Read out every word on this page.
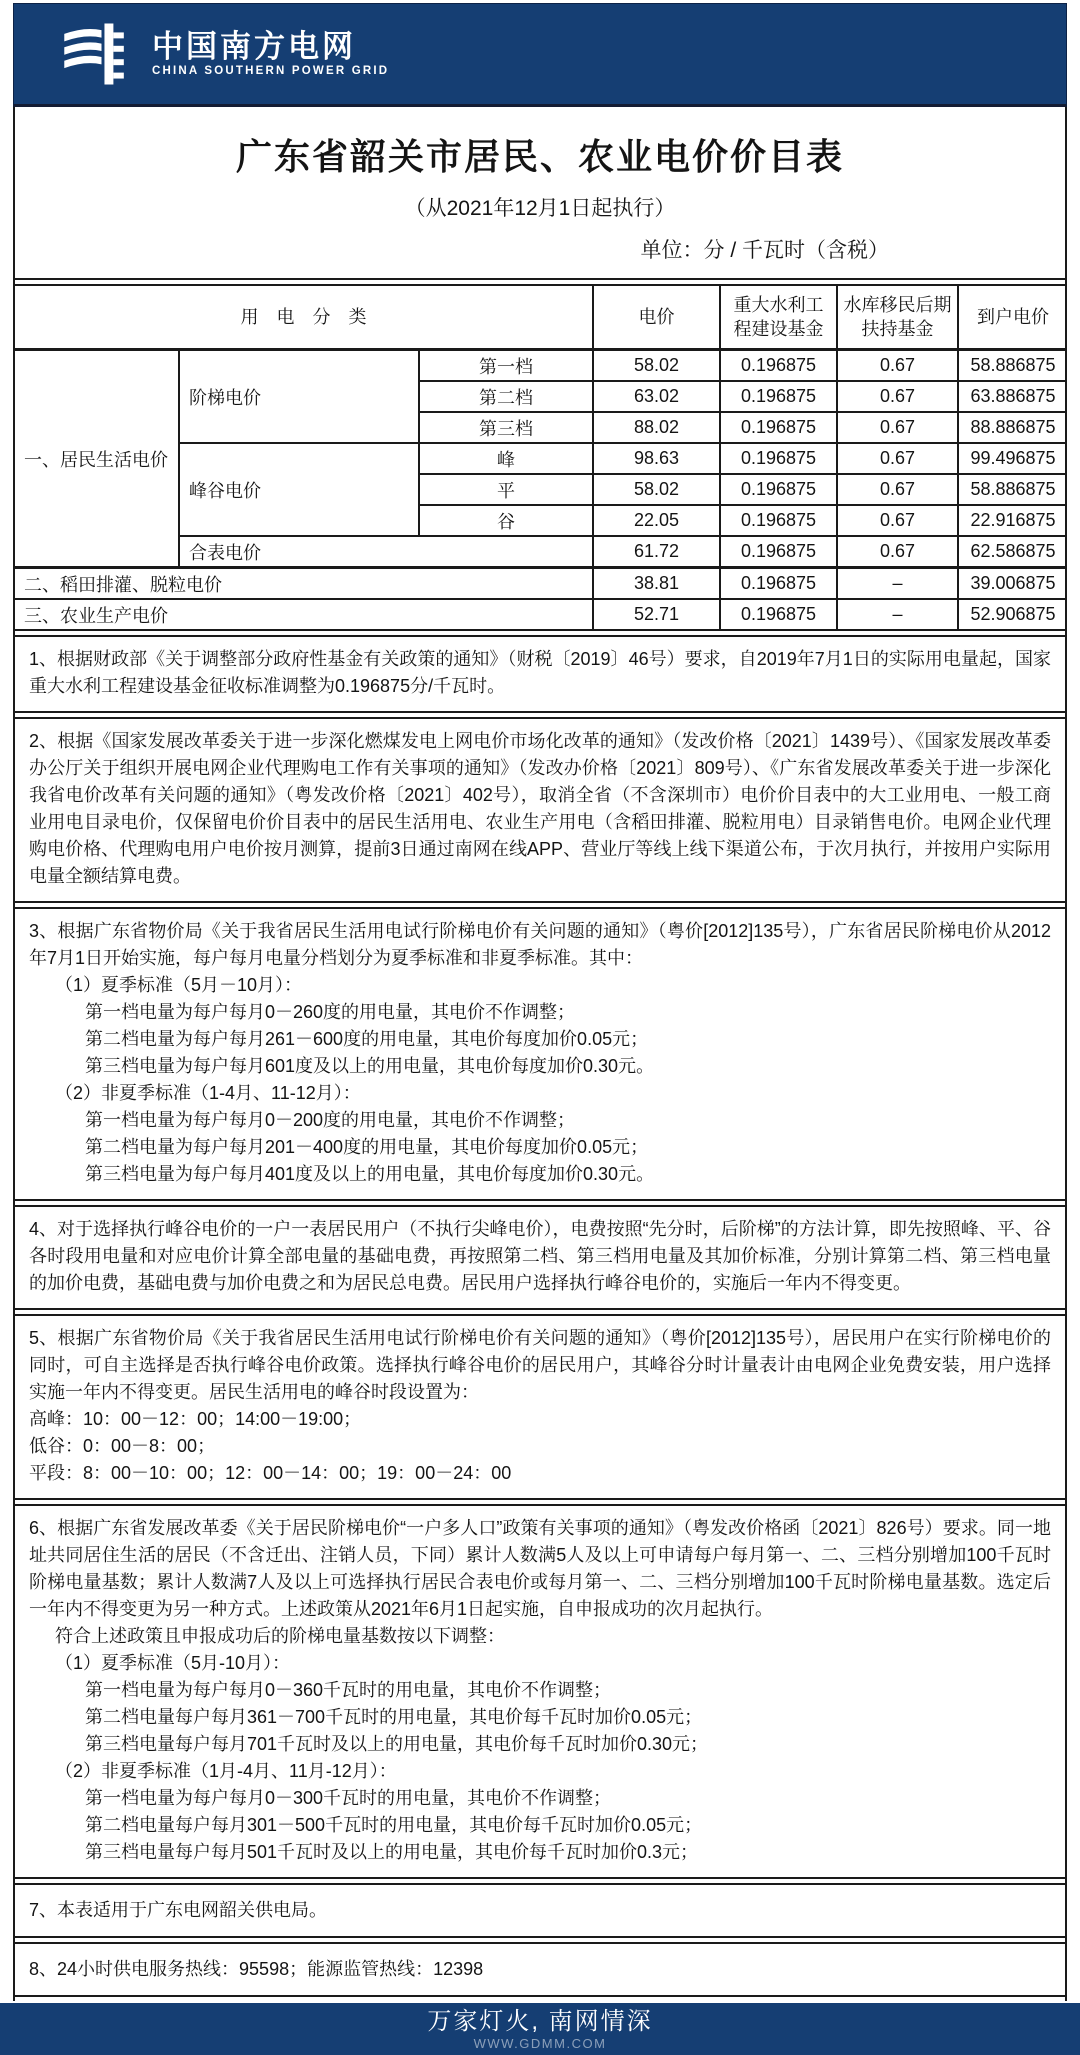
中国南方电网
CHINA SOUTHERN POWER GRID
广东省韶关市居民、农业电价价目表
（从2021年12月1日起执行）
单位：分 / 千瓦时（含税）
用　电　分　类			电价	重大水利工程建设基金	水库移民后期扶持基金	到户电价
一、居民生活电价	阶梯电价	第一档	58.02	0.196875	0.67	58.886875
		第二档	63.02	0.196875	0.67	63.886875
		第三档	88.02	0.196875	0.67	88.886875
	峰谷电价	峰	98.63	0.196875	0.67	99.496875
		平	58.02	0.196875	0.67	58.886875
		谷	22.05	0.196875	0.67	22.916875
	合表电价		61.72	0.196875	0.67	62.586875
二、稻田排灌、脱粒电价			38.81	0.196875	–	39.006875
三、农业生产电价			52.71	0.196875	–	52.906875

1、根据财政部《关于调整部分政府性基金有关政策的通知》（财税〔2019〕46号）要求，自2019年7月1日的实际用电量起，国家重大水利工程建设基金征收标准调整为0.196875分/千瓦时。

2、根据《国家发展改革委关于进一步深化燃煤发电上网电价市场化改革的通知》（发改价格〔2021〕1439号）、《国家发展改革委办公厅关于组织开展电网企业代理购电工作有关事项的通知》（发改办价格〔2021〕809号）、《广东省发展改革委关于进一步深化我省电价改革有关问题的通知》（粤发改价格〔2021〕402号），取消全省（不含深圳市）电价价目表中的大工业用电、一般工商业用电目录电价，仅保留电价价目表中的居民生活用电、农业生产用电（含稻田排灌、脱粒用电）目录销售电价。电网企业代理购电价格、代理购电用户电价按月测算，提前3日通过南网在线APP、营业厅等线上线下渠道公布，于次月执行，并按用户实际用电量全额结算电费。

3、根据广东省物价局《关于我省居民生活用电试行阶梯电价有关问题的通知》（粤价[2012]135号），广东省居民阶梯电价从2012年7月1日开始实施，每户每月电量分档划分为夏季标准和非夏季标准。其中：

（1）夏季标准（5月－10月）：

第一档电量为每户每月0－260度的用电量，其电价不作调整；

第二档电量为每户每月261－600度的用电量，其电价每度加价0.05元；

第三档电量为每户每月601度及以上的用电量，其电价每度加价0.30元。

（2）非夏季标准（1-4月、11-12月）：

第一档电量为每户每月0－200度的用电量，其电价不作调整；

第二档电量为每户每月201－400度的用电量，其电价每度加价0.05元；

第三档电量为每户每月401度及以上的用电量，其电价每度加价0.30元。

4、对于选择执行峰谷电价的一户一表居民用户（不执行尖峰电价），电费按照“先分时，后阶梯”的方法计算，即先按照峰、平、谷各时段用电量和对应电价计算全部电量的基础电费，再按照第二档、第三档用电量及其加价标准，分别计算第二档、第三档电量的加价电费，基础电费与加价电费之和为居民总电费。居民用户选择执行峰谷电价的，实施后一年内不得变更。

5、根据广东省物价局《关于我省居民生活用电试行阶梯电价有关问题的通知》（粤价[2012]135号），居民用户在实行阶梯电价的同时，可自主选择是否执行峰谷电价政策。选择执行峰谷电价的居民用户，其峰谷分时计量表计由电网企业免费安装，用户选择实施一年内不得变更。居民生活用电的峰谷时段设置为：

高峰：10：00－12：00；14:00－19:00；

低谷：0：00－8：00；

平段：8：00－10：00；12：00－14：00；19：00－24：00

6、根据广东省发展改革委《关于居民阶梯电价“一户多人口”政策有关事项的通知》（粤发改价格函〔2021〕826号）要求。同一地址共同居住生活的居民（不含迁出、注销人员，下同）累计人数满5人及以上可申请每户每月第一、二、三档分别增加100千瓦时阶梯电量基数；累计人数满7人及以上可选择执行居民合表电价或每月第一、二、三档分别增加100千瓦时阶梯电量基数。选定后一年内不得变更为另一种方式。上述政策从2021年6月1日起实施，自申报成功的次月起执行。

符合上述政策且申报成功后的阶梯电量基数按以下调整：

（1）夏季标准（5月-10月）：

第一档电量为每户每月0－360千瓦时的用电量，其电价不作调整；

第二档电量每户每月361－700千瓦时的用电量，其电价每千瓦时加价0.05元；

第三档电量每户每月701千瓦时及以上的用电量，其电价每千瓦时加价0.30元；

（2）非夏季标准（1月-4月、11月-12月）：

第一档电量为每户每月0－300千瓦时的用电量，其电价不作调整；

第二档电量每户每月301－500千瓦时的用电量，其电价每千瓦时加价0.05元；

第三档电量每户每月501千瓦时及以上的用电量，其电价每千瓦时加价0.3元；

7、本表适用于广东电网韶关供电局。

8、24小时供电服务热线：95598；能源监管热线：12398

万家灯火, 南网情深
WWW.GDMM.COM
